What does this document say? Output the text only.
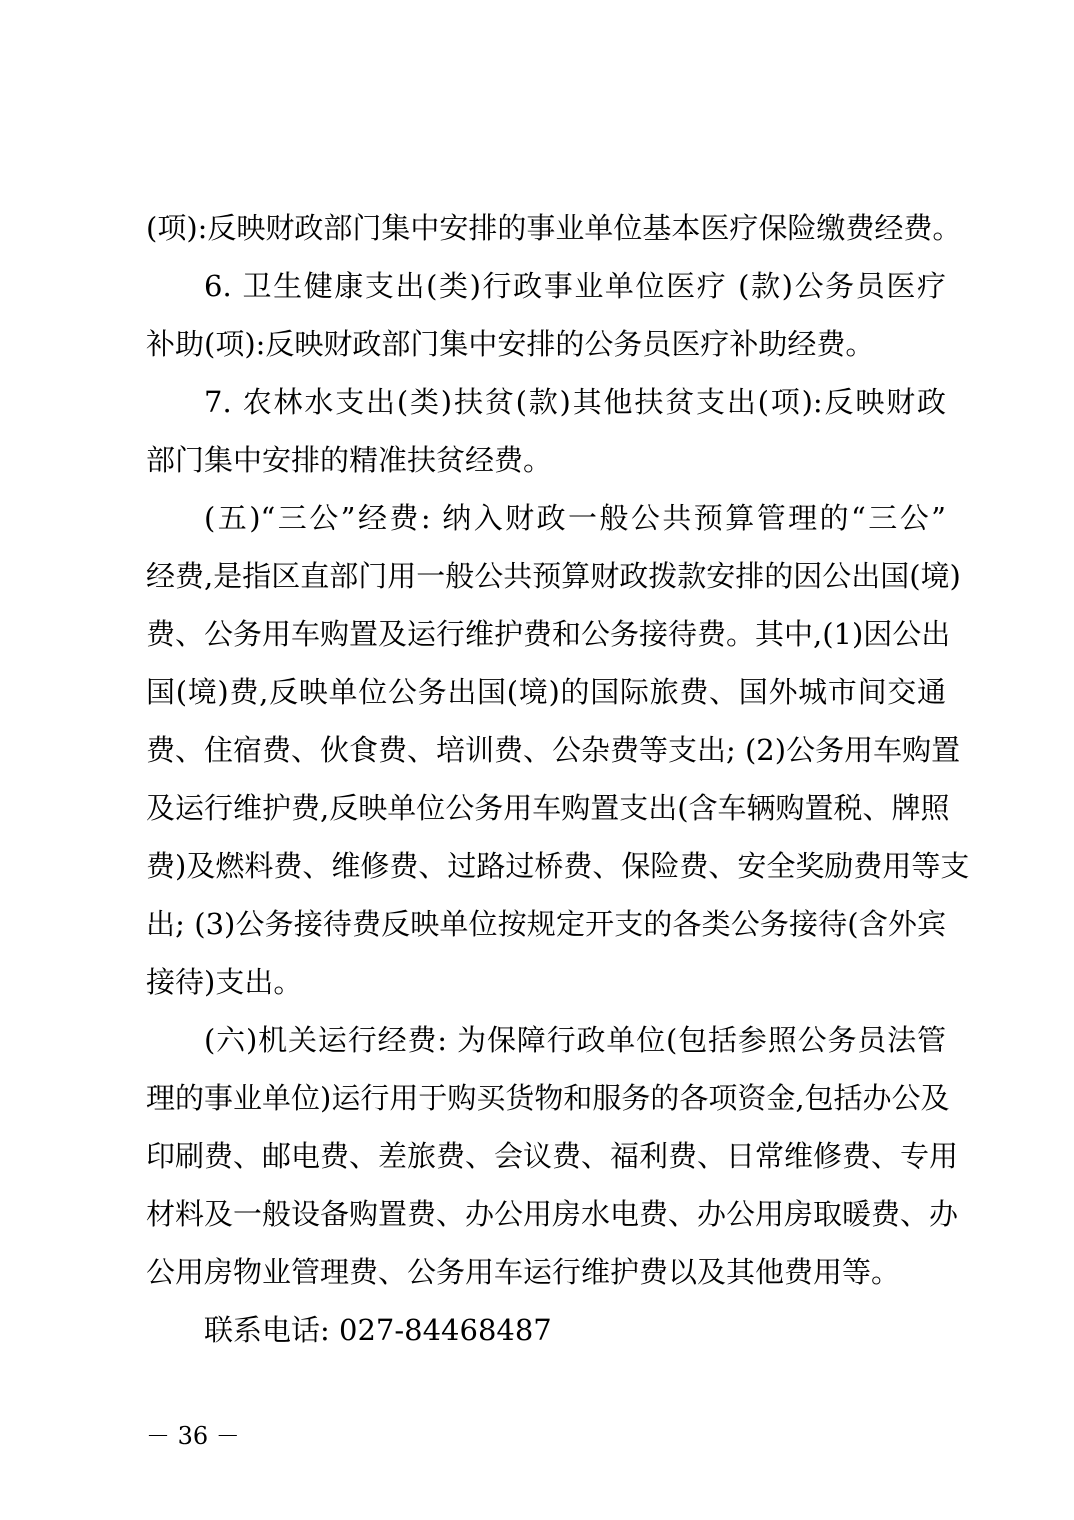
(项):反映财政部门集中安排的事业单位基本医疗保险缴费经费。
6. 卫生健康支出(类)行政事业单位医疗 (款)公务员医疗
补助(项):反映财政部门集中安排的公务员医疗补助经费。
7. 农林水支出(类)扶贫(款)其他扶贫支出(项):反映财政
部门集中安排的精准扶贫经费。
(五)“三公”经费: 纳入财政一般公共预算管理的“三公”
经费,是指区直部门用一般公共预算财政拨款安排的因公出国(境)
费、公务用车购置及运行维护费和公务接待费。其中,(1)因公出
国(境)费,反映单位公务出国(境)的国际旅费、国外城市间交通
费、住宿费、伙食费、培训费、公杂费等支出; (2)公务用车购置
及运行维护费,反映单位公务用车购置支出(含车辆购置税、牌照
费)及燃料费、维修费、过路过桥费、保险费、安全奖励费用等支
出; (3)公务接待费反映单位按规定开支的各类公务接待(含外宾
接待)支出。
(六)机关运行经费: 为保障行政单位(包括参照公务员法管
理的事业单位)运行用于购买货物和服务的各项资金,包括办公及
印刷费、邮电费、差旅费、会议费、福利费、日常维修费、专用
材料及一般设备购置费、办公用房水电费、办公用房取暖费、办
公用房物业管理费、公务用车运行维护费以及其他费用等。
联系电话: 027-84468487
－ 36 －
